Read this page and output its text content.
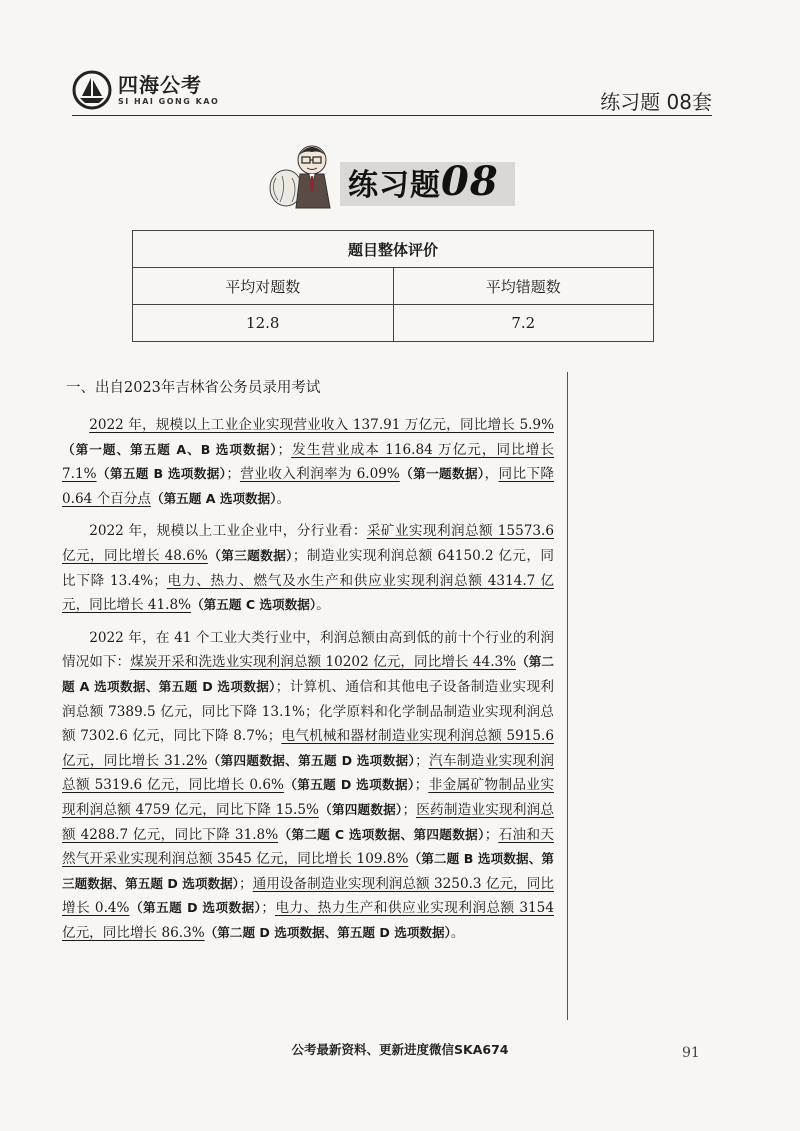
四海公考
SI HAI GONG KAO	练习题 08套
练习题08
题目整体评价	
平均对题数	平均错题数
12.8	7.2
一、出自2023年吉林省公务员录用考试

2022 年，规模以上工业企业实现营业收入 137.91 万亿元，同比增长 5.9%（第一题、第五题 A、B 选项数据）；发生营业成本 116.84 万亿元，同比增长 7.1%（第五题 B 选项数据）；营业收入利润率为 6.09%（第一题数据），同比下降 0.64 个百分点（第五题 A 选项数据）。

2022 年，规模以上工业企业中，分行业看：采矿业实现利润总额 15573.6 亿元，同比增长 48.6%（第三题数据）；制造业实现利润总额 64150.2 亿元，同比下降 13.4%；电力、热力、燃气及水生产和供应业实现利润总额 4314.7 亿元，同比增长 41.8%（第五题 C 选项数据）。

2022 年，在 41 个工业大类行业中，利润总额由高到低的前十个行业的利润情况如下：煤炭开采和洗选业实现利润总额 10202 亿元，同比增长 44.3%（第二题 A 选项数据、第五题 D 选项数据）；计算机、通信和其他电子设备制造业实现利润总额 7389.5 亿元，同比下降 13.1%；化学原料和化学制品制造业实现利润总额 7302.6 亿元，同比下降 8.7%；电气机械和器材制造业实现利润总额 5915.6 亿元，同比增长 31.2%（第四题数据、第五题 D 选项数据）；汽车制造业实现利润总额 5319.6 亿元，同比增长 0.6%（第五题 D 选项数据）；非金属矿物制品业实现利润总额 4759 亿元，同比下降 15.5%（第四题数据）；医药制造业实现利润总额 4288.7 亿元，同比下降 31.8%（第二题 C 选项数据、第四题数据）；石油和天然气开采业实现利润总额 3545 亿元，同比增长 109.8%（第二题 B 选项数据、第三题数据、第五题 D 选项数据）；通用设备制造业实现利润总额 3250.3 亿元，同比增长 0.4%（第五题 D 选项数据）；电力、热力生产和供应业实现利润总额 3154 亿元，同比增长 86.3%（第二题 D 选项数据、第五题 D 选项数据）。

公考最新资料、更新进度微信SKA674	91
